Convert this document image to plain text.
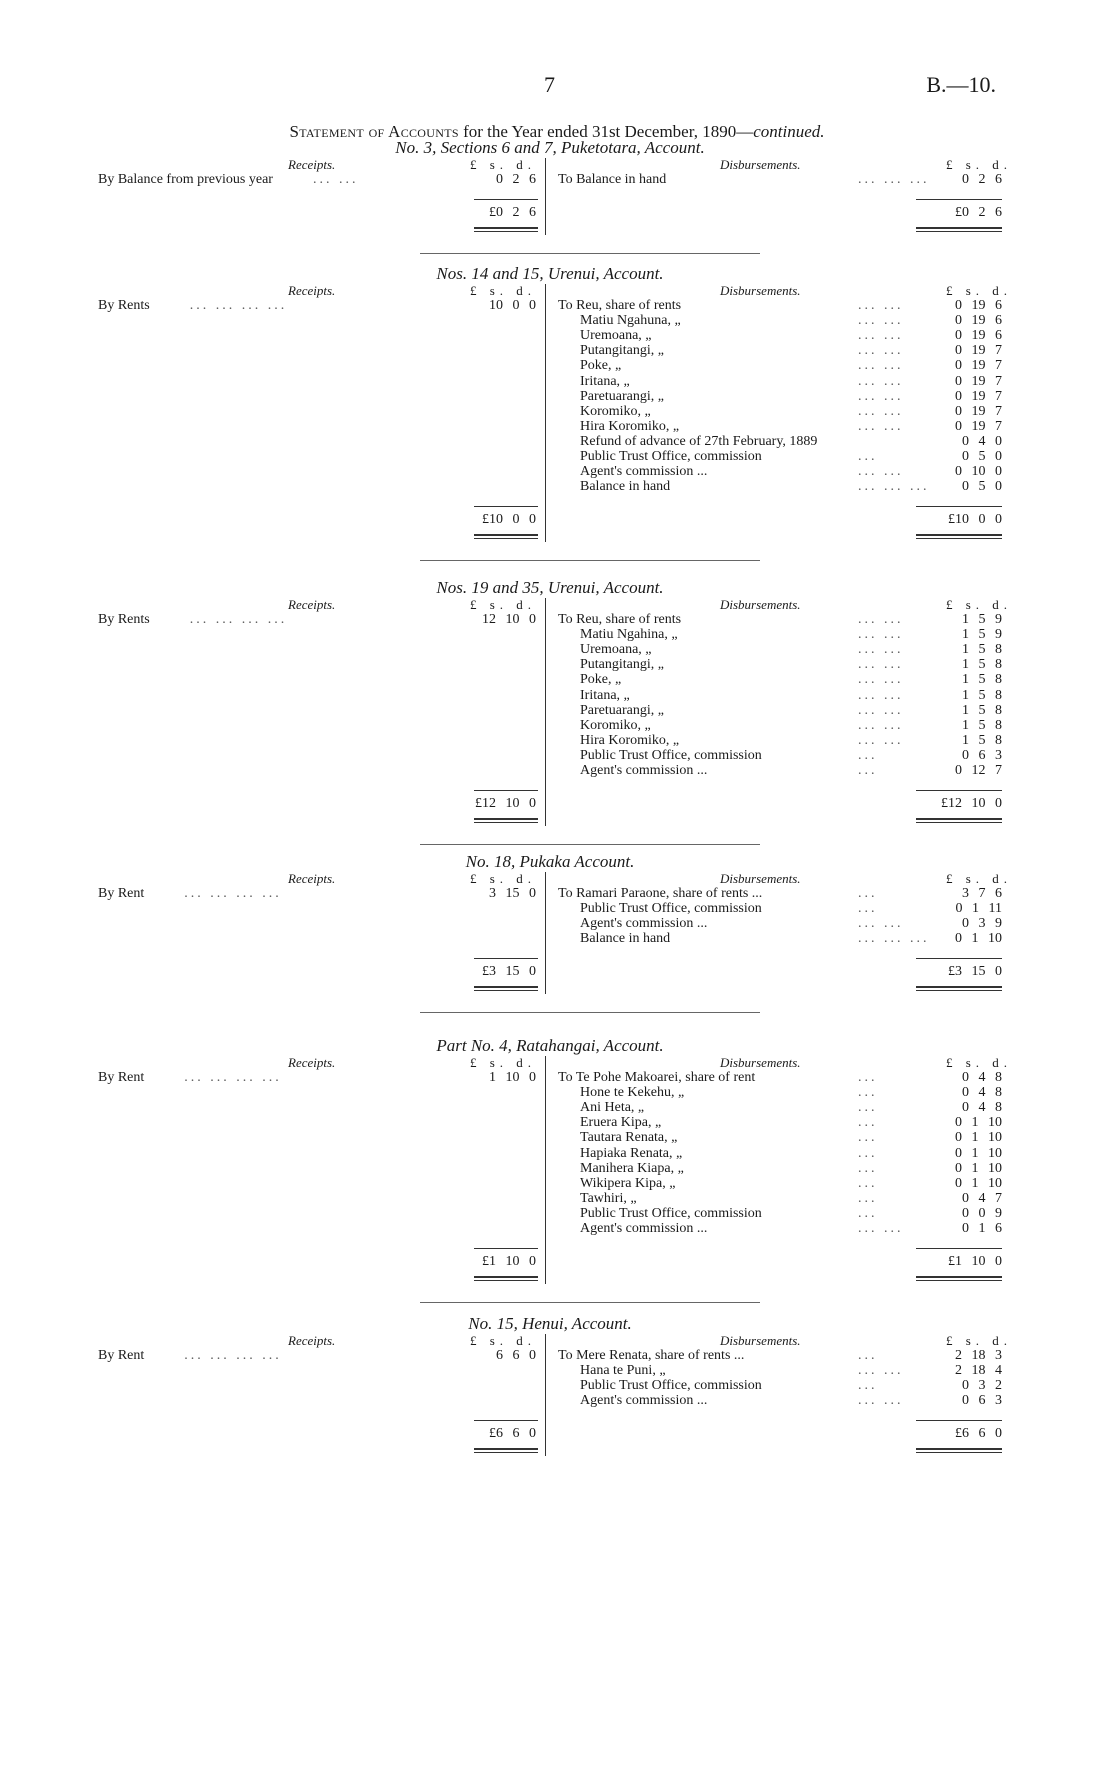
7	B.—10.
Statement of Accounts for the Year ended 31st December, 1890—continued.
No. 3, Sections 6 and 7, Puketotara, Account.
Receipts.	£ s. d.	Disbursements.	£ s. d.
By Balance from previous year	... ...	0 2 6 To Balance in hand	... ... ...	0 2 6
£0 2 6	£0 2 6
Nos. 14 and 15, Urenui, Account.
Receipts.	£ s. d.	Disbursements.	£ s. d.
By Rents	... ... ... ...	10 0 0 To Reu, share of rents	... ...	0 19 6
Matiu Ngahuna, „	... ...	0 19 6
Uremoana, „	... ...	0 19 6
Putangitangi, „	... ...	0 19 7
Poke, „	... ...	0 19 7
Iritana, „	... ...	0 19 7
Paretuarangi, „	... ...	0 19 7
Koromiko, „	... ...	0 19 7
Hira Koromiko, „	... ...	0 19 7
Refund of advance of 27th February, 1889	0 4 0
Public Trust Office, commission	...	0 5 0
Agent's commission ...	... ...	0 10 0
Balance in hand	... ... ...	0 5 0
£10 0 0	£10 0 0
Nos. 19 and 35, Urenui, Account.
Receipts.	£ s. d.	Disbursements.	£ s. d.
By Rents	... ... ... ...	12 10 0 To Reu, share of rents	... ...	1 5 9
Matiu Ngahina, „	... ...	1 5 9
Uremoana, „	... ...	1 5 8
Putangitangi, „	... ...	1 5 8
Poke, „	... ...	1 5 8
Iritana, „	... ...	1 5 8
Paretuarangi, „	... ...	1 5 8
Koromiko, „	... ...	1 5 8
Hira Koromiko, „	... ...	1 5 8
Public Trust Office, commission	...	0 6 3
Agent's commission ...	...	0 12 7
£12 10 0	£12 10 0
No. 18, Pukaka Account.
Receipts.	£ s. d.	Disbursements.	£ s. d.
By Rent	... ... ... ...	3 15 0 To Ramari Paraone, share of rents ...	...	3 7 6
Public Trust Office, commission	...	0 1 11
Agent's commission ...	... ...	0 3 9
Balance in hand	... ... ...	0 1 10
£3 15 0	£3 15 0
Part No. 4, Ratahangai, Account.
Receipts.	£ s. d.	Disbursements.	£ s. d.
By Rent	... ... ... ...	1 10 0 To Te Pohe Makoarei, share of rent	...	0 4 8
Hone te Kekehu, „	...	0 4 8
Ani Heta, „	...	0 4 8
Eruera Kipa, „	...	0 1 10
Tautara Renata, „	...	0 1 10
Hapiaka Renata, „	...	0 1 10
Manihera Kiapa, „	...	0 1 10
Wikipera Kipa, „	...	0 1 10
Tawhiri, „	...	0 4 7
Public Trust Office, commission	...	0 0 9
Agent's commission ...	... ...	0 1 6
£1 10 0	£1 10 0
No. 15, Henui, Account.
Receipts.	£ s. d.	Disbursements.	£ s. d.
By Rent	... ... ... ...	6 6 0 To Mere Renata, share of rents ...	...	2 18 3
Hana te Puni, „	... ...	2 18 4
Public Trust Office, commission	...	0 3 2
Agent's commission ...	... ...	0 6 3
£6 6 0	£6 6 0
